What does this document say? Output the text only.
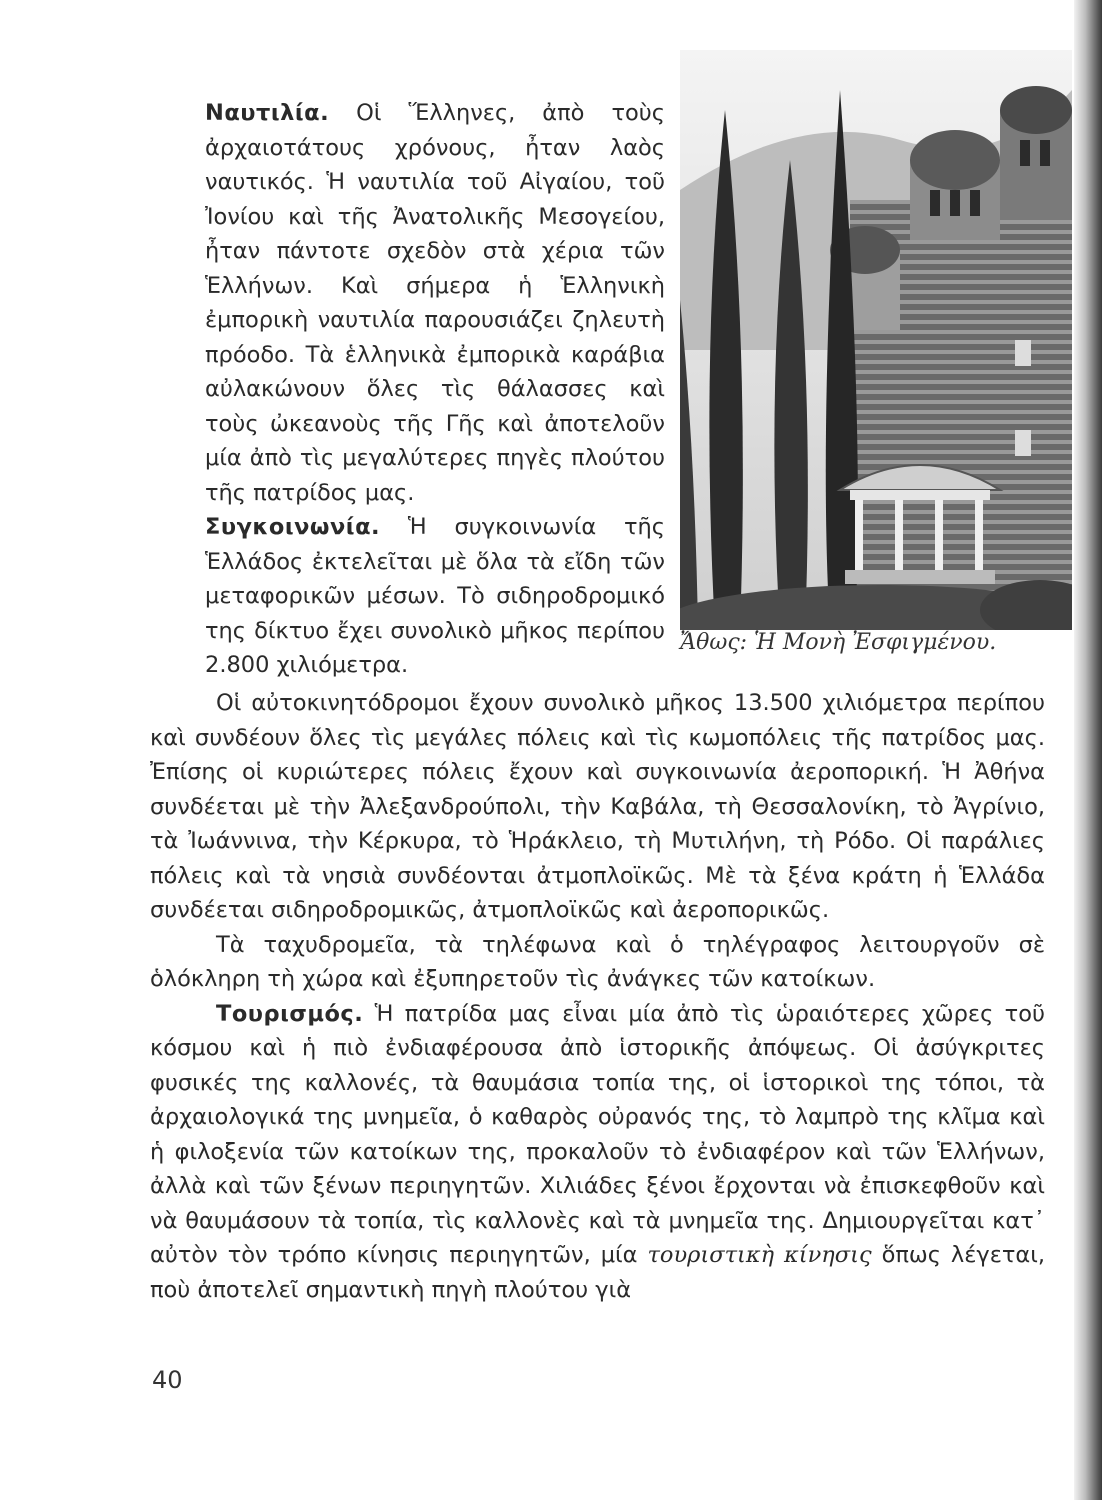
Ναυτιλία. Οἱ Ἕλληνες, ἀπὸ τοὺς ἀρχαιοτάτους χρόνους, ἦταν λαὸς ναυτικός. Ἡ ναυτιλία τοῦ Αἰγαίου, τοῦ Ἰονίου καὶ τῆς Ἀνατολικῆς Μεσογείου, ἦταν πάντοτε σχεδὸν στὰ χέρια τῶν Ἑλλήνων. Καὶ σήμερα ἡ Ἑλληνικὴ ἐμπορικὴ ναυτιλία παρουσιάζει ζηλευτὴ πρόοδο. Τὰ ἑλληνικὰ ἐμπορικὰ καράβια αὐλακώνουν ὅλες τὶς θάλασσες καὶ τοὺς ὠκεανοὺς τῆς Γῆς καὶ ἀποτελοῦν μία ἀπὸ τὶς μεγαλύτερες πηγὲς πλούτου τῆς πατρίδος μας.

Συγκοινωνία. Ἡ συγκοινωνία τῆς Ἑλλάδος ἐκτελεῖται μὲ ὅλα τὰ εἴδη τῶν μεταφορικῶν μέσων. Τὸ σιδηροδρομικό της δίκτυο ἔχει συνολικὸ μῆκος περίπου 2.800 χιλιόμετρα.

Ἄθως: Ἡ Μονὴ Ἐσφιγμένου.

Οἱ αὐτοκινητόδρομοι ἔχουν συνολικὸ μῆκος 13.500 χιλιόμετρα περίπου καὶ συνδέουν ὅλες τὶς μεγάλες πόλεις καὶ τὶς κωμοπόλεις τῆς πατρίδος μας. Ἐπίσης οἱ κυριώτερες πόλεις ἔχουν καὶ συγκοινωνία ἀεροπορική. Ἡ Ἀθήνα συνδέεται μὲ τὴν Ἀλεξανδρούπολι, τὴν Καβάλα, τὴ Θεσσαλονίκη, τὸ Ἀγρίνιο, τὰ Ἰωάννινα, τὴν Κέρκυρα, τὸ Ἡράκλειο, τὴ Μυτιλήνη, τὴ Ρόδο. Οἱ παράλιες πόλεις καὶ τὰ νησιὰ συνδέονται ἀτμοπλοϊκῶς. Μὲ τὰ ξένα κράτη ἡ Ἑλλάδα συνδέεται σιδηροδρομικῶς, ἀτμοπλοϊκῶς καὶ ἀεροπορικῶς.

Τὰ ταχυδρομεῖα, τὰ τηλέφωνα καὶ ὁ τηλέγραφος λειτουργοῦν σὲ ὁλόκληρη τὴ χώρα καὶ ἐξυπηρετοῦν τὶς ἀνάγκες τῶν κατοίκων.

Τουρισμός. Ἡ πατρίδα μας εἶναι μία ἀπὸ τὶς ὡραιότερες χῶρες τοῦ κόσμου καὶ ἡ πιὸ ἐνδιαφέρουσα ἀπὸ ἱστορικῆς ἀπόψεως. Οἱ ἀσύγκριτες φυσικές της καλλονές, τὰ θαυμάσια τοπία της, οἱ ἱστορικοὶ της τόποι, τὰ ἀρχαιολογικά της μνημεῖα, ὁ καθαρὸς οὐρανός της, τὸ λαμπρὸ της κλῖμα καὶ ἡ φιλοξενία τῶν κατοίκων της, προκαλοῦν τὸ ἐνδιαφέρον καὶ τῶν Ἑλλήνων, ἀλλὰ καὶ τῶν ξένων περιηγητῶν. Χιλιάδες ξένοι ἔρχονται νὰ ἐπισκεφθοῦν καὶ νὰ θαυμάσουν τὰ τοπία, τὶς καλλονὲς καὶ τὰ μνημεῖα της. Δημιουργεῖται κατ᾽ αὐτὸν τὸν τρόπο κίνησις περιηγητῶν, μία τουριστικὴ κίνησις ὅπως λέγεται, ποὺ ἀποτελεῖ σημαντικὴ πηγὴ πλούτου γιὰ

40
